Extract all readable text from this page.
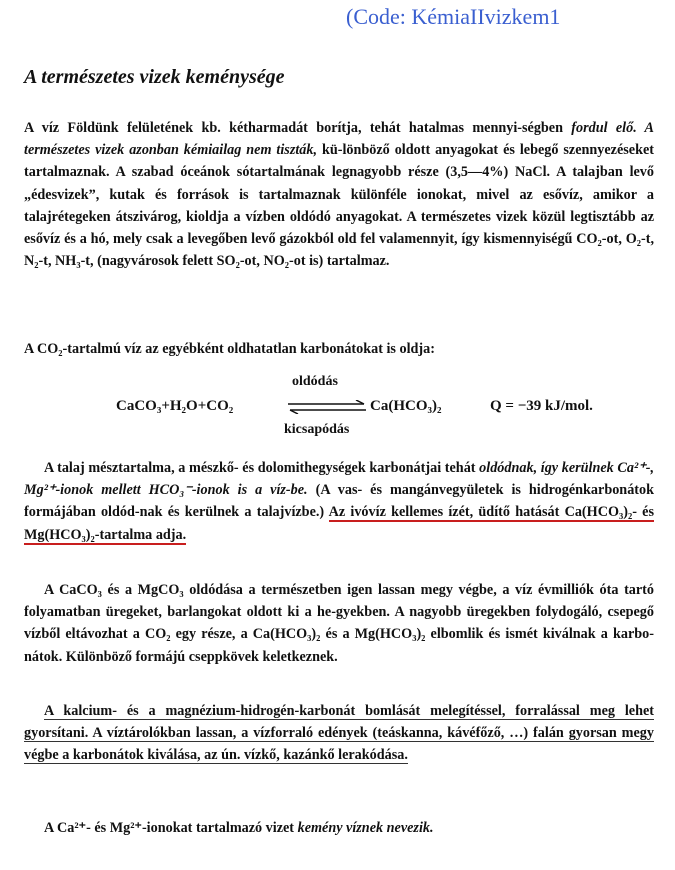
(Code: KémiaIIvizkem1
A természetes vizek keménysége
A víz Földünk felületének kb. kétharmadát borítja, tehát hatalmas mennyi-ségben fordul elő. A természetes vizek azonban kémiailag nem tiszták, kü-lönböző oldott anyagokat és lebegő szennyezéseket tartalmaznak. A szabad óceánok sótartalmának legnagyobb része (3,5—4%) NaCl. A talajban levő „édesvizek”, kutak és források is tartalmaznak különféle ionokat, mivel az esővíz, amikor a talajrétegeken átszivárog, kioldja a vízben oldódó anyagokat. A természetes vizek közül legtisztább az esővíz és a hó, mely csak a levegőben levő gázokból old fel valamennyit, így kismennyiségű CO₂-ot, O₂-t, N₂-t, NH₃-t, (nagyvárosok felett SO₂-ot, NO₂-ot is) tartalmaz.
A CO₂-tartalmú víz az egyébként oldhatatlan karbonátokat is oldja:
oldódás
CaCO₃+H₂O+CO₂	Ca(HCO₃)₂	Q = −39 kJ/mol.
kicsapódás
A talaj mésztartalma, a mészkő- és dolomithegységek karbonátjai tehát oldódnak, így kerülnek Ca²⁺-, Mg²⁺-ionok mellett HCO₃⁻-ionok is a víz-be. (A vas- és mangánvegyületek is hidrogénkarbonátok formájában oldód-nak és kerülnek a talajvízbe.) Az ivóvíz kellemes ízét, üdítő hatását Ca(HCO₃)₂- és Mg(HCO₃)₂-tartalma adja.
A CaCO₃ és a MgCO₃ oldódása a természetben igen lassan megy végbe, a víz évmilliók óta tartó folyamatban üregeket, barlangokat oldott ki a he-gyekben. A nagyobb üregekben folydogáló, csepegő vízből eltávozhat a CO₂ egy része, a Ca(HCO₃)₂ és a Mg(HCO₃)₂ elbomlik és ismét kiválnak a karbo-nátok. Különböző formájú cseppkövek keletkeznek.
A kalcium- és a magnézium-hidrogén-karbonát bomlását melegítéssel, forralással meg lehet gyorsítani. A víztárolókban lassan, a vízforraló edények (teáskanna, kávéfőző, …) falán gyorsan megy végbe a karbonátok kiválása, az ún. vízkő, kazánkő lerakódása.
A Ca²⁺- és Mg²⁺-ionokat tartalmazó vizet kemény víznek nevezik.
